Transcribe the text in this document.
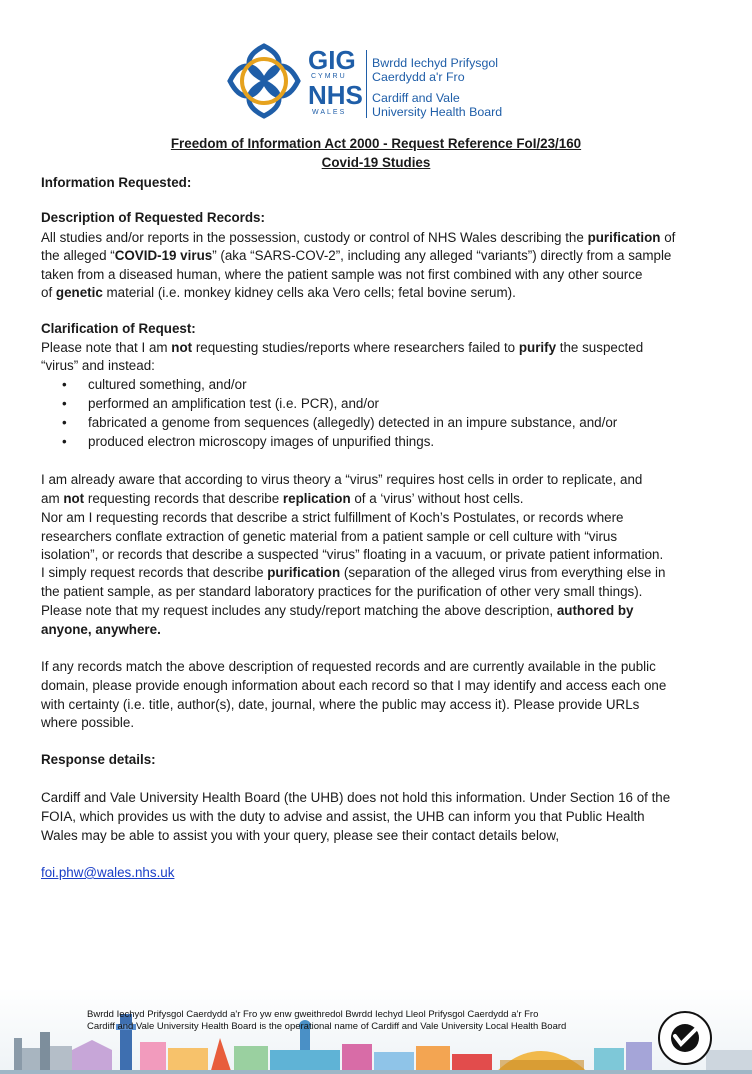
GIG
CYMRU
NHS
WALES
Bwrdd Iechyd Prifysgol
Caerdydd a'r Fro
Cardiff and Vale
University Health Board
Freedom of Information Act 2000 - Request Reference FoI/23/160
Covid-19 Studies
Information Requested:
Description of Requested Records:
All studies and/or reports in the possession, custody or control of NHS Wales describing the purification of
the alleged “COVID-19 virus” (aka “SARS-COV-2”, including any alleged “variants”) directly from a sample
taken from a diseased human, where the patient sample was not first combined with any other source
of genetic material (i.e. monkey kidney cells aka Vero cells; fetal bovine serum).
Clarification of Request:
Please note that I am not requesting studies/reports where researchers failed to purify the suspected
“virus” and instead:
• cultured something, and/or
• performed an amplification test (i.e. PCR), and/or
• fabricated a genome from sequences (allegedly) detected in an impure substance, and/or
• produced electron microscopy images of unpurified things.
I am already aware that according to virus theory a “virus” requires host cells in order to replicate, and
am not requesting records that describe replication of a ‘virus’ without host cells.
Nor am I requesting records that describe a strict fulfillment of Koch’s Postulates, or records where
researchers conflate extraction of genetic material from a patient sample or cell culture with “virus
isolation”, or records that describe a suspected “virus” floating in a vacuum, or private patient information.
I simply request records that describe purification (separation of the alleged virus from everything else in
the patient sample, as per standard laboratory practices for the purification of other very small things).
Please note that my request includes any study/report matching the above description, authored by
anyone, anywhere.
If any records match the above description of requested records and are currently available in the public
domain, please provide enough information about each record so that I may identify and access each one
with certainty (i.e. title, author(s), date, journal, where the public may access it). Please provide URLs
where possible.
Response details:
Cardiff and Vale University Health Board (the UHB) does not hold this information. Under Section 16 of the
FOIA, which provides us with the duty to advise and assist, the UHB can inform you that Public Health
Wales may be able to assist you with your query, please see their contact details below,
foi.phw@wales.nhs.uk
Bwrdd Iechyd Prifysgol Caerdydd a'r Fro yw enw gweithredol Bwrdd Iechyd Lleol Prifysgol Caerdydd a'r Fro
Cardiff and Vale University Health Board is the operational name of Cardiff and Vale University Local Health Board
